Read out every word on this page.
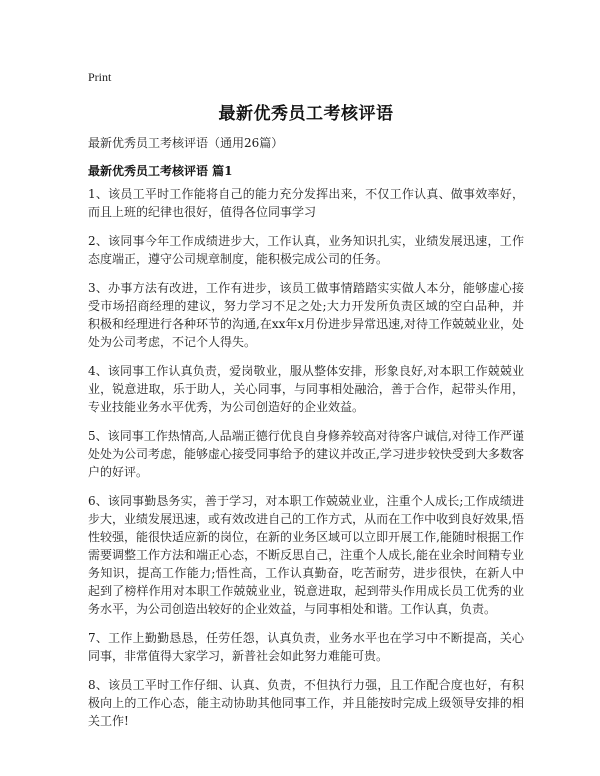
Print
最新优秀员工考核评语
最新优秀员工考核评语（通用26篇）
最新优秀员工考核评语 篇1

1、该员工平时工作能将自己的能力充分发挥出来，不仅工作认真、做事效率好，而且上班的纪律也很好，值得各位同事学习

2、该同事今年工作成绩进步大，工作认真，业务知识扎实，业绩发展迅速，工作态度端正，遵守公司规章制度，能积极完成公司的任务。

3、办事方法有改进，工作有进步，该员工做事情踏踏实实做人本分，能够虚心接受市场招商经理的建议，努力学习不足之处;大力开发所负责区域的空白品种，并积极和经理进行各种环节的沟通,在xx年x月份进步异常迅速,对待工作兢兢业业，处处为公司考虑，不记个人得失。

4、该同事工作认真负责，爱岗敬业，服从整体安排，形象良好,对本职工作兢兢业业，锐意进取，乐于助人，关心同事，与同事相处融洽，善于合作，起带头作用，专业技能业务水平优秀，为公司创造好的企业效益。

5、该同事工作热情高,人品端正德行优良自身修养较高对待客户诚信,对待工作严谨处处为公司考虑，能够虚心接受同事给予的建议并改正,学习进步较快受到大多数客户的好评。

6、该同事勤恳务实，善于学习，对本职工作兢兢业业，注重个人成长;工作成绩进步大，业绩发展迅速，或有效改进自己的工作方式，从而在工作中收到良好效果,悟性较强，能很快适应新的岗位，在新的业务区域可以立即开展工作,能随时根据工作需要调整工作方法和端正心态，不断反思自己，注重个人成长,能在业余时间精专业务知识，提高工作能力;悟性高，工作认真勤奋，吃苦耐劳，进步很快，在新人中起到了榜样作用对本职工作兢兢业业，锐意进取，起到带头作用成长员工优秀的业务水平，为公司创造出较好的企业效益，与同事相处和谐。工作认真，负责。

7、工作上勤勤恳恳，任劳任怨，认真负责，业务水平也在学习中不断提高，关心同事，非常值得大家学习，新普社会如此努力难能可贵。

8、该员工平时工作仔细、认真、负责，不但执行力强，且工作配合度也好，有积极向上的工作心态，能主动协助其他同事工作，并且能按时完成上级领导安排的相关工作!
